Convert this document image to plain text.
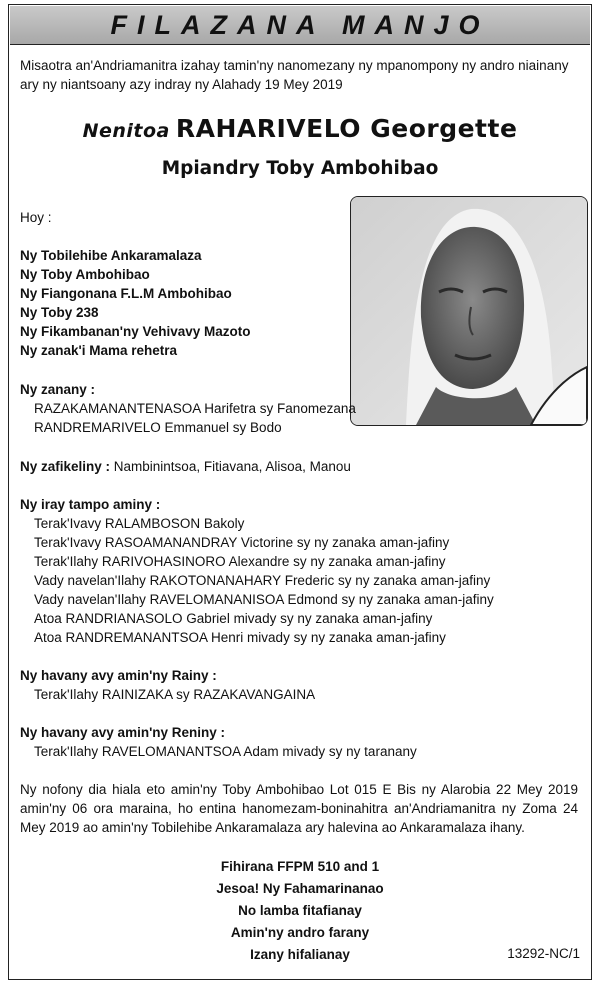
FILAZANA MANJO
Misaotra an'Andriamanitra izahay tamin'ny nanomezany ny mpanompony ny andro niainany ary ny niantsoany azy indray ny Alahady 19 Mey 2019
Nenitoa RAHARIVELO Georgette
Mpiandry Toby Ambohibao
Hoy :
Ny Tobilehibe Ankaramalaza
Ny Toby Ambohibao
Ny Fiangonana F.L.M Ambohibao
Ny Toby 238
Ny Fikambanan'ny Vehivavy Mazoto
Ny zanak'i Mama rehetra
Ny zanany :
RAZAKAMANANTENASOA Harifetra sy Fanomezana
RANDREMARIVELO Emmanuel sy Bodo
Ny zafikeliny : Nambinintsoa, Fitiavana, Alisoa, Manou
Ny iray tampo aminy :
Terak'Ivavy RALAMBOSON Bakoly
Terak'Ivavy RASOAMANANDRAY Victorine sy ny zanaka aman-jafiny
Terak'Ilahy RARIVOHASINORO Alexandre sy ny zanaka aman-jafiny
Vady navelan'Ilahy RAKOTONANAHARY Frederic sy ny zanaka aman-jafiny
Vady navelan'Ilahy RAVELOMANANISOA Edmond sy ny zanaka aman-jafiny
Atoa RANDRIANASOLO Gabriel mivady sy ny zanaka aman-jafiny
Atoa RANDREMANANTSOA Henri mivady sy ny zanaka aman-jafiny
Ny havany avy amin'ny Rainy :
Terak'Ilahy RAINIZAKA sy RAZAKAVANGAINA
Ny havany avy amin'ny Reniny :
Terak'Ilahy RAVELOMANANTSOA Adam mivady sy ny taranany
Ny nofony dia hiala eto amin'ny Toby Ambohibao Lot 015 E Bis ny Alarobia 22 Mey 2019 amin'ny 06 ora maraina, ho entina hanomezam-boninahitra an'Andriamanitra ny Zoma 24 Mey 2019 ao amin'ny Tobilehibe Ankaramalaza ary halevina ao Ankaramalaza ihany.
Fihirana FFPM 510 and 1
Jesoa! Ny Fahamarinanao
No lamba fitafianay
Amin'ny andro farany
Izany hifalianay	13292-NC/1
